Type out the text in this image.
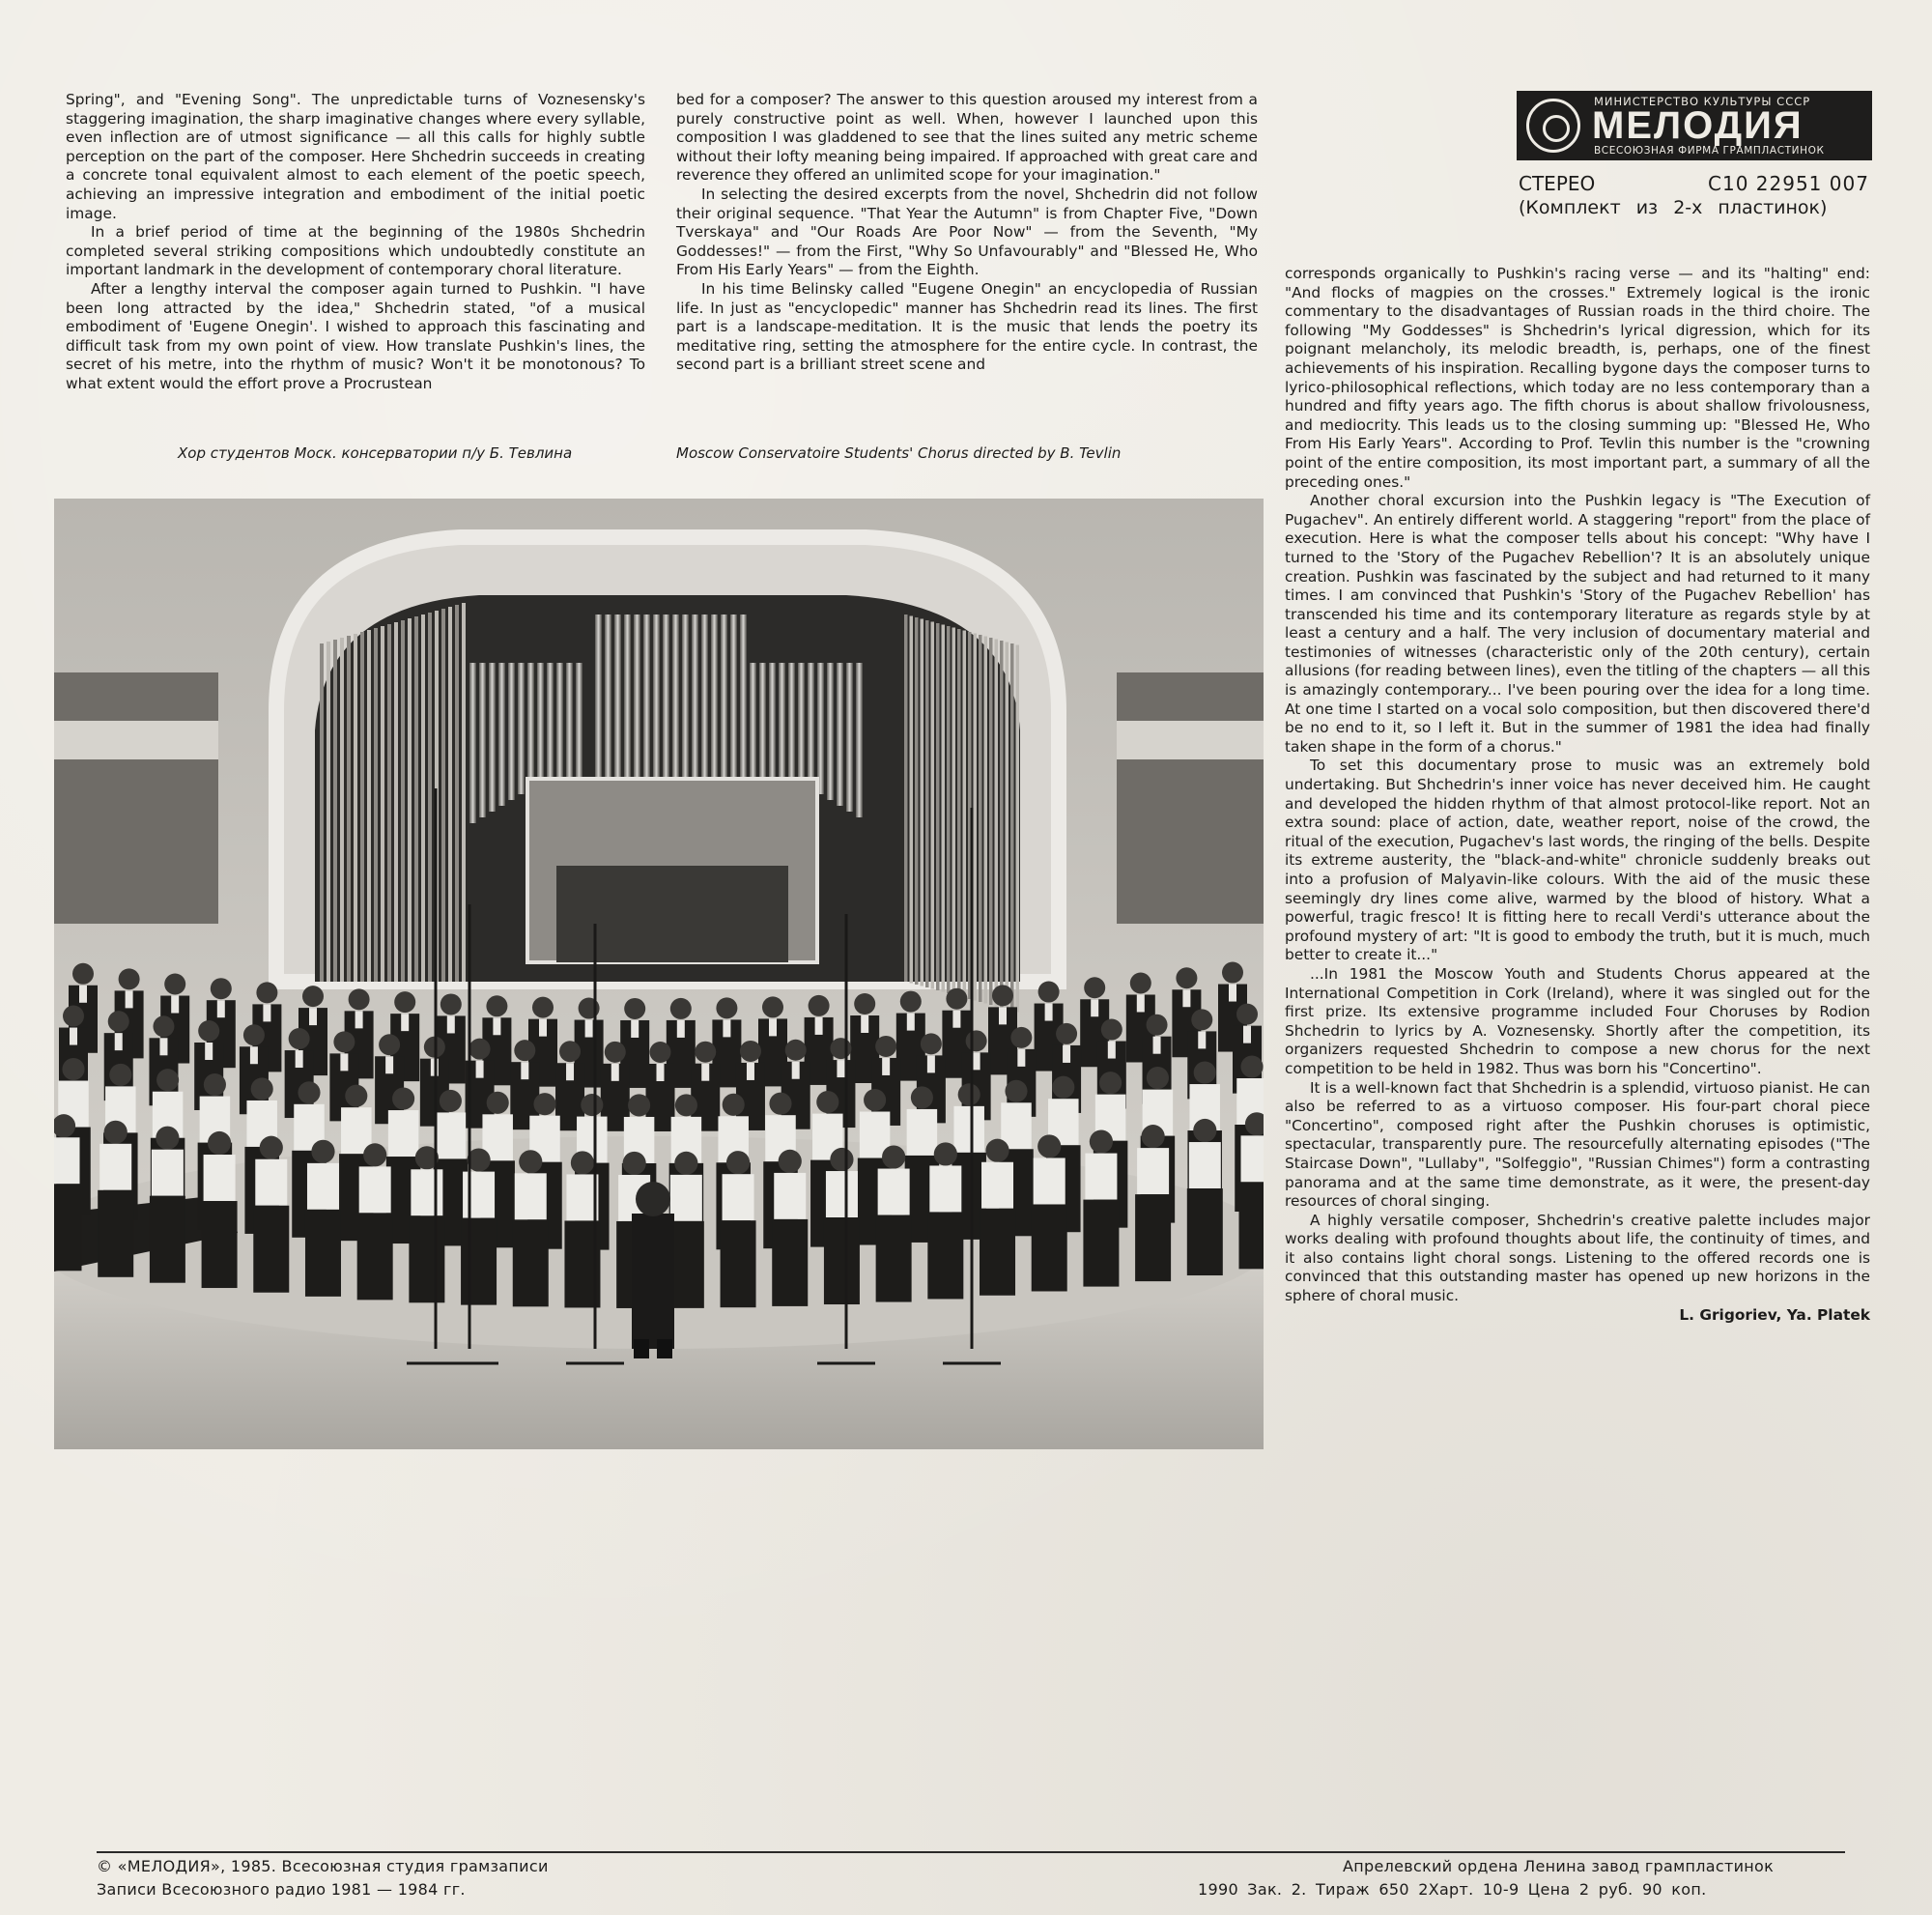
Spring", and "Evening Song". The unpredictable turns of Voznesensky's staggering imagination, the sharp imaginative changes where every syllable, even inflection are of utmost significance — all this calls for highly subtle perception on the part of the composer. Here Shchedrin succeeds in creating a concrete tonal equivalent almost to each element of the poetic speech, achieving an impressive integration and embodiment of the initial poetic image.

In a brief period of time at the beginning of the 1980s Shchedrin completed several striking compositions which undoubtedly constitute an important landmark in the development of contemporary choral literature.

After a lengthy interval the composer again turned to Pushkin. "I have been long attracted by the idea," Shchedrin stated, "of a musical embodiment of 'Eugene Onegin'. I wished to approach this fascinating and difficult task from my own point of view. How translate Pushkin's lines, the secret of his metre, into the rhythm of music? Won't it be monotonous? To what extent would the effort prove a Procrustean

bed for a composer? The answer to this question aroused my interest from a purely constructive point as well. When, however I launched upon this composition I was gladdened to see that the lines suited any metric scheme without their lofty meaning being impaired. If approached with great care and reverence they offered an unlimited scope for your imagination."

In selecting the desired excerpts from the novel, Shchedrin did not follow their original sequence. "That Year the Autumn" is from Chapter Five, "Down Tverskaya" and "Our Roads Are Poor Now" — from the Seventh, "My Goddesses!" — from the First, "Why So Unfavourably" and "Blessed He, Who From His Early Years" — from the Eighth.

In his time Belinsky called "Eugene Onegin" an encyclopedia of Russian life. In just as "encyclopedic" manner has Shchedrin read its lines. The first part is a landscape-meditation. It is the music that lends the poetry its meditative ring, setting the atmosphere for the entire cycle. In contrast, the second part is a brilliant street scene and

corresponds organically to Pushkin's racing verse — and its "halting" end: "And flocks of magpies on the crosses." Extremely logical is the ironic commentary to the disadvantages of Russian roads in the third choire. The following "My Goddesses" is Shchedrin's lyrical digression, which for its poignant melancholy, its melodic breadth, is, perhaps, one of the finest achievements of his inspiration. Recalling bygone days the composer turns to lyrico-philosophical reflections, which today are no less contemporary than a hundred and fifty years ago. The fifth chorus is about shallow frivolousness, and mediocrity. This leads us to the closing summing up: "Blessed He, Who From His Early Years". According to Prof. Tevlin this number is the "crowning point of the entire composition, its most important part, a summary of all the preceding ones."

Another choral excursion into the Pushkin legacy is "The Execution of Pugachev". An entirely different world. A staggering "report" from the place of execution. Here is what the composer tells about his concept: "Why have I turned to the 'Story of the Pugachev Rebellion'? It is an absolutely unique creation. Pushkin was fascinated by the subject and had returned to it many times. I am convinced that Pushkin's 'Story of the Pugachev Rebellion' has transcended his time and its contemporary literature as regards style by at least a century and a half. The very inclusion of documentary material and testimonies of witnesses (characteristic only of the 20th century), certain allusions (for reading between lines), even the titling of the chapters — all this is amazingly contemporary... I've been pouring over the idea for a long time. At one time I started on a vocal solo composition, but then discovered there'd be no end to it, so I left it. But in the summer of 1981 the idea had finally taken shape in the form of a chorus."

To set this documentary prose to music was an extremely bold undertaking. But Shchedrin's inner voice has never deceived him. He caught and developed the hidden rhythm of that almost protocol-like report. Not an extra sound: place of action, date, weather report, noise of the crowd, the ritual of the execution, Pugachev's last words, the ringing of the bells. Despite its extreme austerity, the "black-and-white" chronicle suddenly breaks out into a profusion of Malyavin-like colours. With the aid of the music these seemingly dry lines come alive, warmed by the blood of history. What a powerful, tragic fresco! It is fitting here to recall Verdi's utterance about the profound mystery of art: "It is good to embody the truth, but it is much, much better to create it..."

...In 1981 the Moscow Youth and Students Chorus appeared at the International Competition in Cork (Ireland), where it was singled out for the first prize. Its extensive programme included Four Choruses by Rodion Shchedrin to lyrics by A. Voznesensky. Shortly after the competition, its organizers requested Shchedrin to compose a new chorus for the next competition to be held in 1982. Thus was born his "Concertino".

It is a well-known fact that Shchedrin is a splendid, virtuoso pianist. He can also be referred to as a virtuoso composer. His four-part choral piece "Concertino", composed right after the Pushkin choruses is optimistic, spectacular, transparently pure. The resourcefully alternating episodes ("The Staircase Down", "Lullaby", "Solfeggio", "Russian Chimes") form a contrasting panorama and at the same time demonstrate, as it were, the present-day resources of choral singing.

A highly versatile composer, Shchedrin's creative palette includes major works dealing with profound thoughts about life, the continuity of times, and it also contains light choral songs. Listening to the offered records one is convinced that this outstanding master has opened up new horizons in the sphere of choral music.

L. Grigoriev, Ya. Platek

Хор студентов Моск. консерватории п/у Б. Тевлина	Moscow Conservatoire Students' Chorus directed by B. Tevlin
МИНИСТЕРСТВО КУЛЬТУРЫ СССР
МЕЛОДИЯ
ВСЕСОЮЗНАЯ ФИРМА ГРАМПЛАСТИНОК
СТЕРЕО	С10 22951 007
(Комплект из 2-х пластинок)
© «МЕЛОДИЯ», 1985. Всесоюзная студия грамзаписи
Записи Всесоюзного радио 1981 — 1984 гг.
Апрелевский ордена Ленина завод грампластинок
1990 Зак. 2. Тираж 650 2Харт. 10-9 Цена 2 руб. 90 коп.
